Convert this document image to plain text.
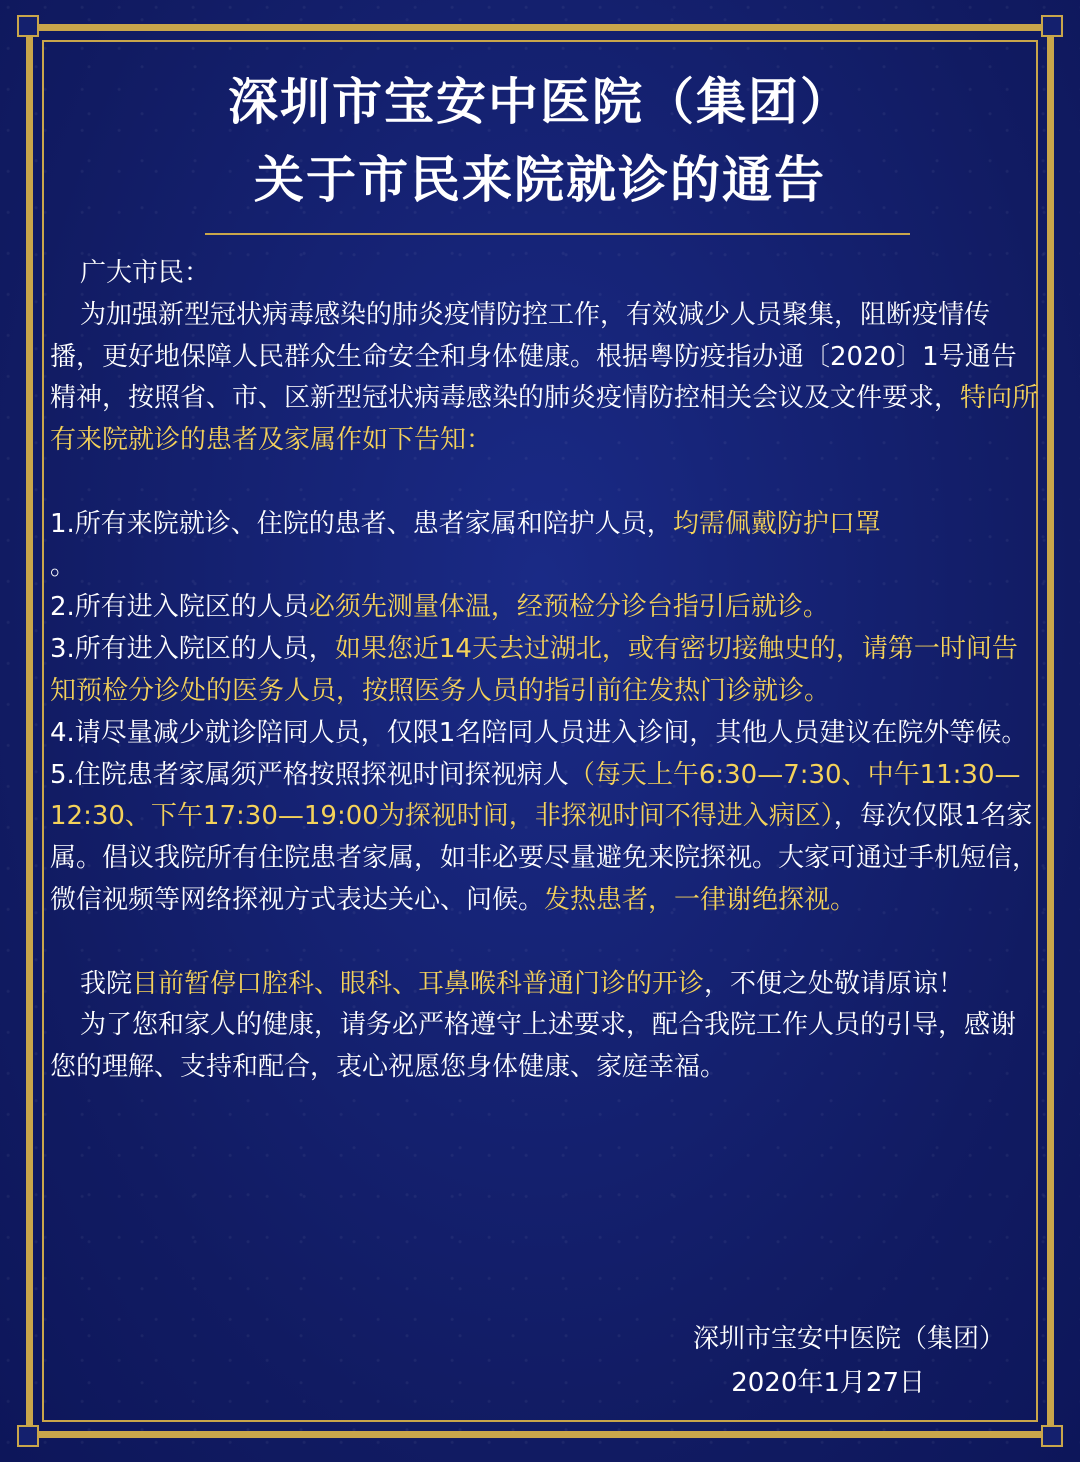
深圳市宝安中医院（集团）
关于市民来院就诊的通告

广大市民：

为加强新型冠状病毒感染的肺炎疫情防控工作，有效减少人员聚集，阻断疫情传播，更好地保障人民群众生命安全和身体健康。根据粤防疫指办通〔2020〕1号通告精神，按照省、市、区新型冠状病毒感染的肺炎疫情防控相关会议及文件要求，特向所有来院就诊的患者及家属作如下告知：

1.所有来院就诊、住院的患者、患者家属和陪护人员，均需佩戴防护口罩
。

2.所有进入院区的人员必须先测量体温，经预检分诊台指引后就诊。

3.所有进入院区的人员，如果您近14天去过湖北，或有密切接触史的，请第一时间告知预检分诊处的医务人员，按照医务人员的指引前往发热门诊就诊。

4.请尽量减少就诊陪同人员，仅限1名陪同人员进入诊间，其他人员建议在院外等候。

5.住院患者家属须严格按照探视时间探视病人（每天上午6:30—7:30、中午11:30—12:30、下午17:30—19:00为探视时间，非探视时间不得进入病区），每次仅限1名家属。倡议我院所有住院患者家属，如非必要尽量避免来院探视。大家可通过手机短信，微信视频等网络探视方式表达关心、问候。发热患者，一律谢绝探视。

我院目前暂停口腔科、眼科、耳鼻喉科普通门诊的开诊，不便之处敬请原谅！

为了您和家人的健康，请务必严格遵守上述要求，配合我院工作人员的引导，感谢您的理解、支持和配合，衷心祝愿您身体健康、家庭幸福。

深圳市宝安中医院（集团）
2020年1月27日
